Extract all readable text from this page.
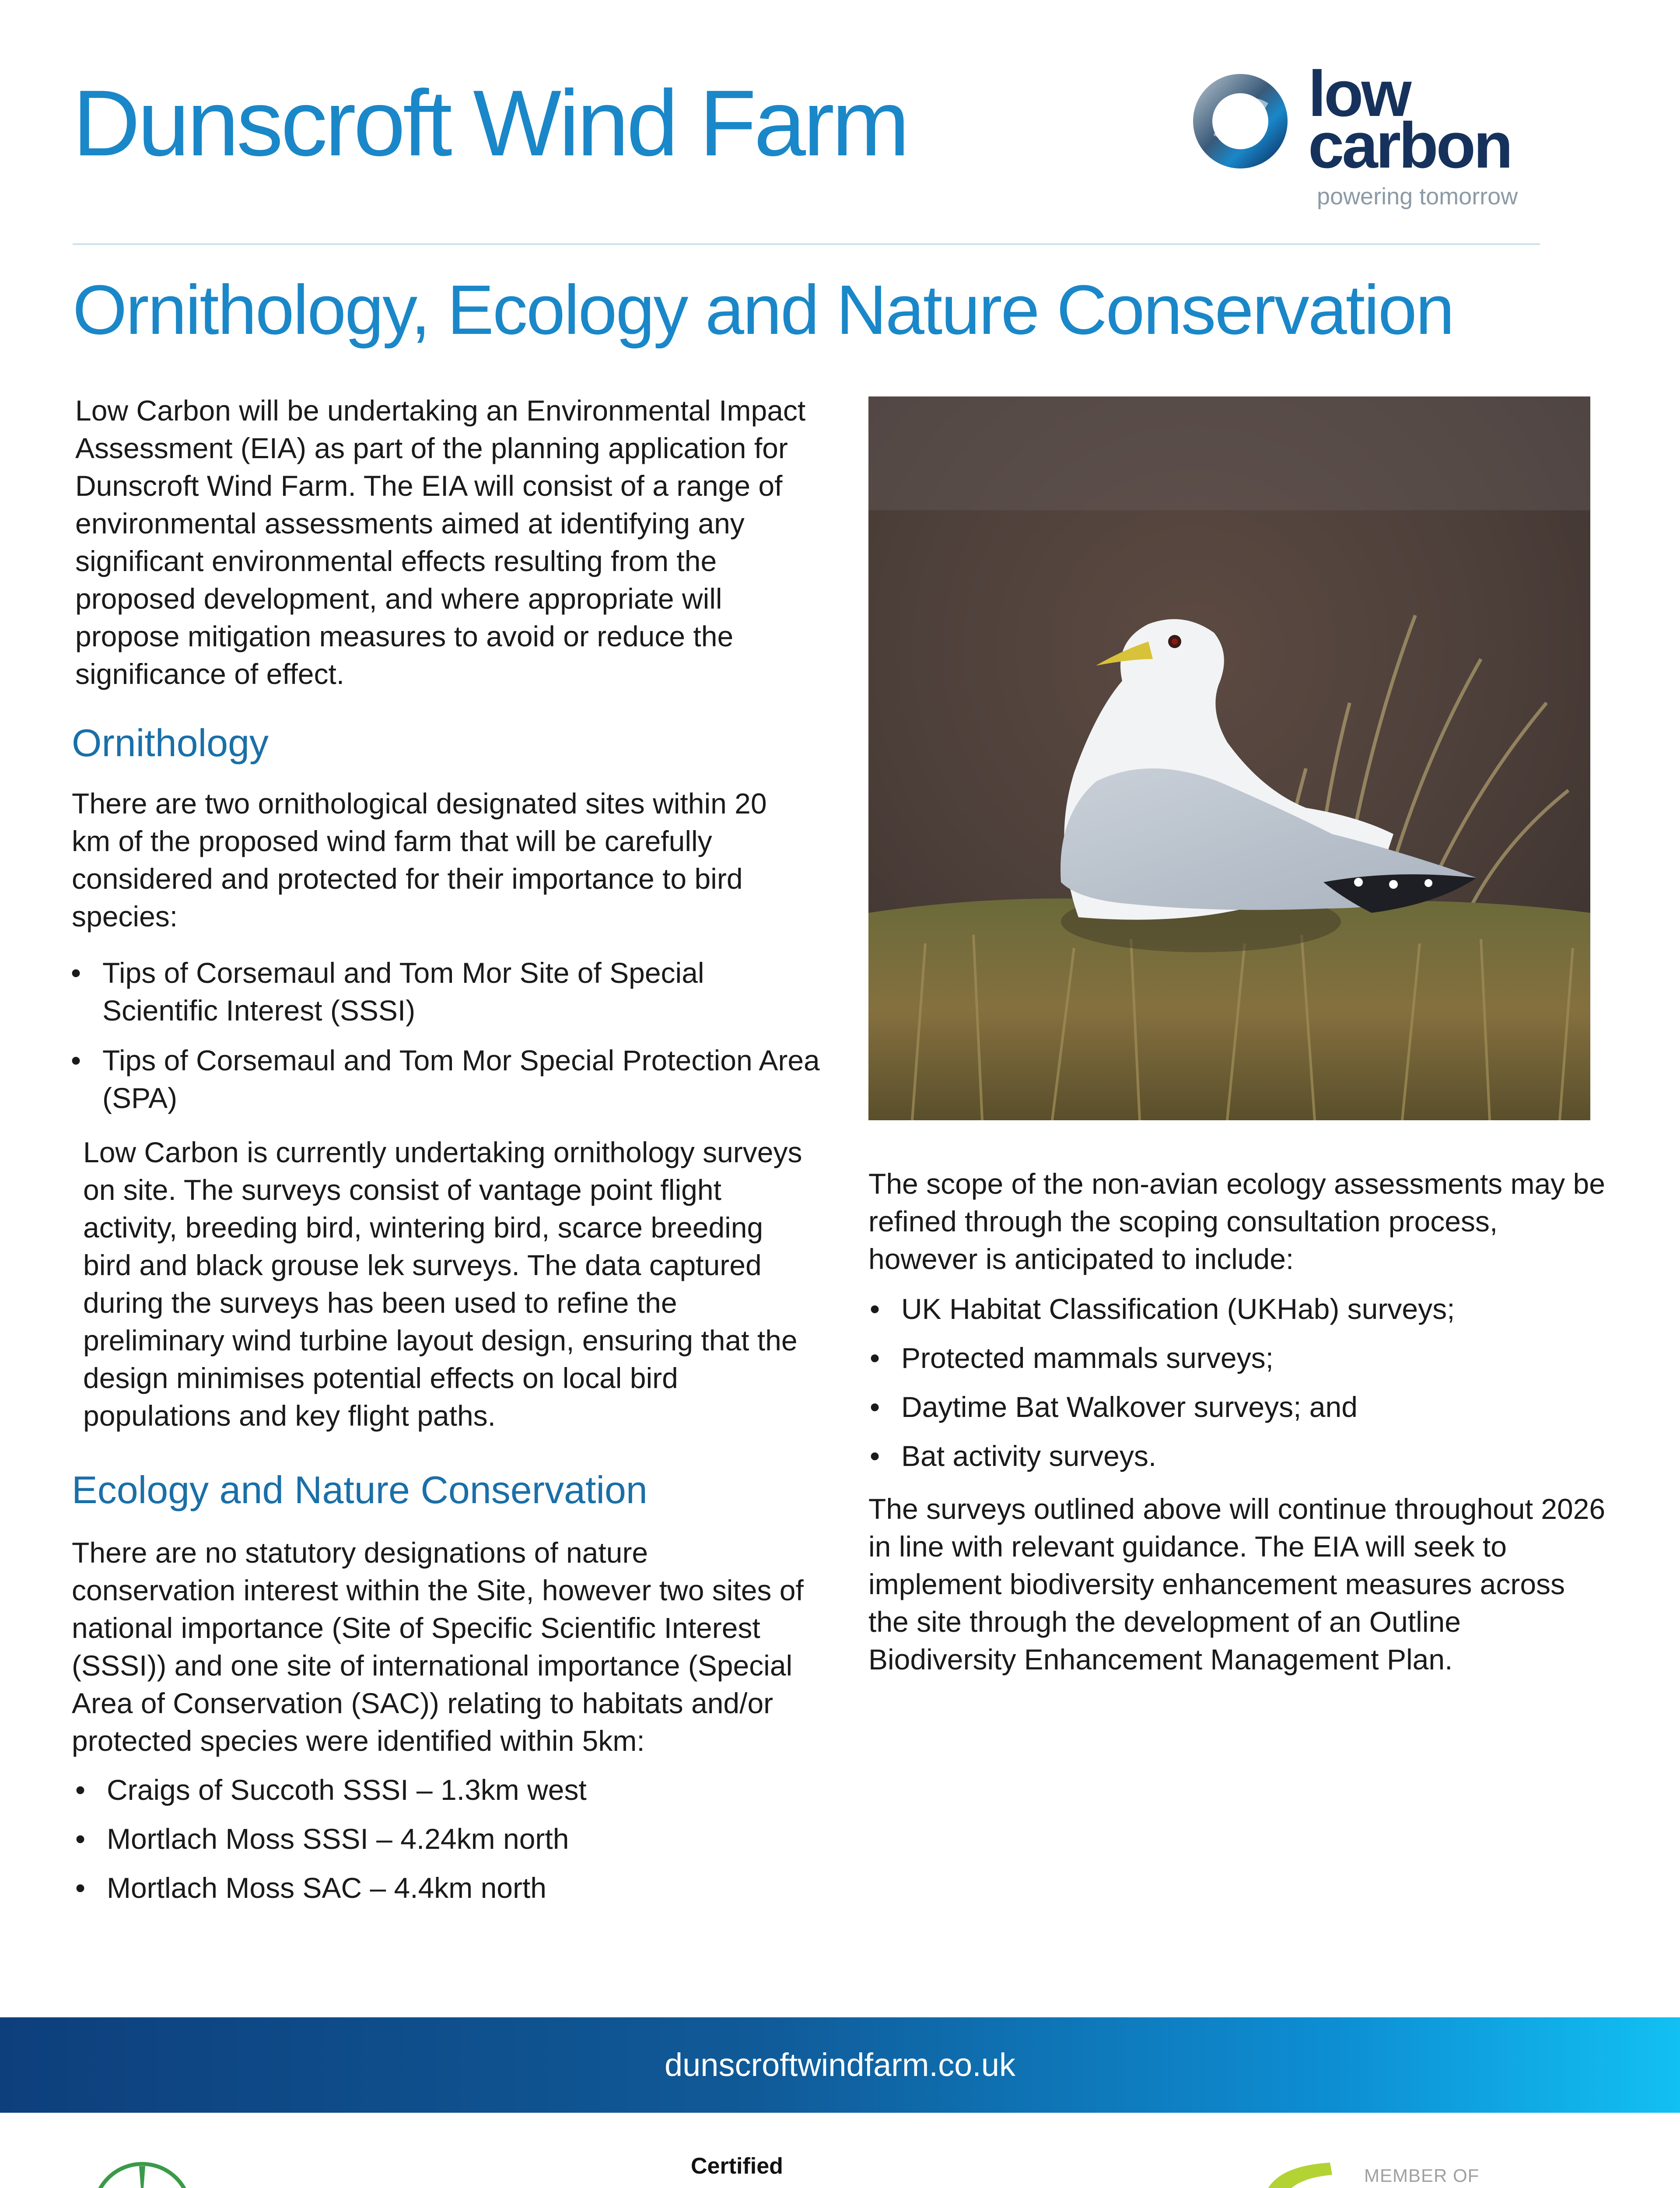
Dunscroft Wind Farm	low
carbon
powering tomorrow
Ornithology, Ecology and Nature Conservation

Low Carbon will be undertaking an Environmental Impact Assessment (EIA) as part of the planning application for Dunscroft Wind Farm. The EIA will consist of a range of environmental assessments aimed at identifying any significant environmental effects resulting from the proposed development, and where appropriate will propose mitigation measures to avoid or reduce the significance of effect.

Ornithology

There are two ornithological designated sites within 20 km of the proposed wind farm that will be carefully considered and protected for their importance to bird species:

• Tips of Corsemaul and Tom Mor Site of Special Scientific Interest (SSSI)
• Tips of Corsemaul and Tom Mor Special Protection Area (SPA)

Low Carbon is currently undertaking ornithology surveys on site. The surveys consist of vantage point flight activity, breeding bird, wintering bird, scarce breeding bird and black grouse lek surveys. The data captured during the surveys has been used to refine the preliminary wind turbine layout design, ensuring that the design minimises potential effects on local bird populations and key flight paths.

Ecology and Nature Conservation

There are no statutory designations of nature conservation interest within the Site, however two sites of national importance (Site of Specific Scientific Interest (SSSI)) and one site of international importance (Special Area of Conservation (SAC)) relating to habitats and/or protected species were identified within 5km:

• Craigs of Succoth SSSI – 1.3km west
• Mortlach Moss SSSI – 4.24km north
• Mortlach Moss SAC – 4.4km north

The scope of the non-avian ecology assessments may be refined through the scoping consultation process, however is anticipated to include:

• UK Habitat Classification (UKHab) surveys;
• Protected mammals surveys;
• Daytime Bat Walkover surveys; and
• Bat activity surveys.

The surveys outlined above will continue throughout 2026 in line with relevant guidance. The EIA will seek to implement biodiversity enhancement measures across the site through the development of an Outline Biodiversity Enhancement Management Plan.

dunscroftwindfarm.co.uk
Certified	MEMBER OF
